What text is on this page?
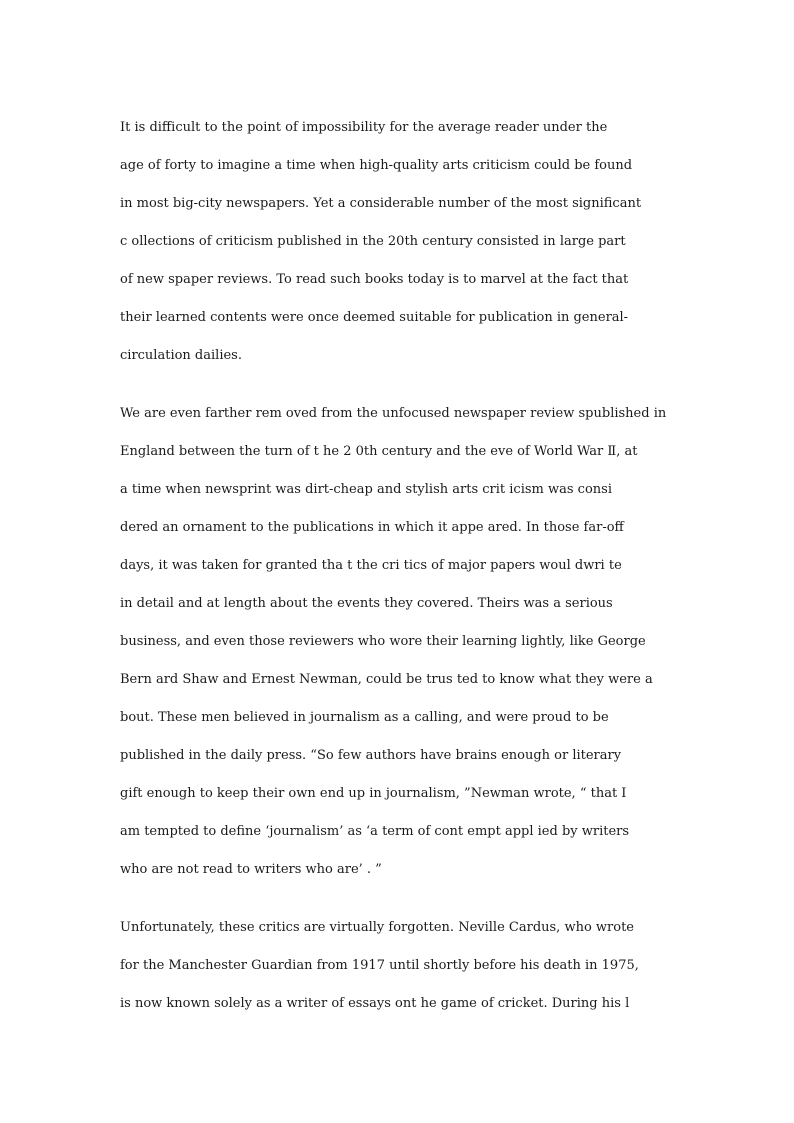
It is difficult to the point of impossibility for the average reader under the
age of forty to imagine a time when high-quality arts criticism could be found
in most big-city newspapers. Yet a considerable number of the most significant
c ollections of criticism published in the 20th century consisted in large part
of new spaper reviews. To read such books today is to marvel at the fact that
their learned contents were once deemed suitable for publication in general-
circulation dailies.
We are even farther rem oved from the unfocused newspaper review spublished in
England between the turn of t he 2 0th century and the eve of World War Ⅱ, at
a time when newsprint was dirt-cheap and stylish arts crit icism was consi
dered an ornament to the publications in which it appe ared. In those far-off
days, it was taken for granted tha t the cri tics of major papers woul dwri te
in detail and at length about the events they covered. Theirs was a serious
business, and even those reviewers who wore their learning lightly, like George
Bern ard Shaw and Ernest Newman, could be trus ted to know what they were a
bout. These men believed in journalism as a calling, and were proud to be
published in the daily press. “So few authors have brains enough or literary
gift enough to keep their own end up in journalism, ”Newman wrote, “ that I
am tempted to define ‘journalism’ as ‘a term of cont empt appl ied by writers
who are not read to writers who are’ . ”
Unfortunately, these critics are virtually forgotten. Neville Cardus, who wrote
for the Manchester Guardian from 1917 until shortly before his death in 1975,
is now known solely as a writer of essays ont he game of cricket. During his l
